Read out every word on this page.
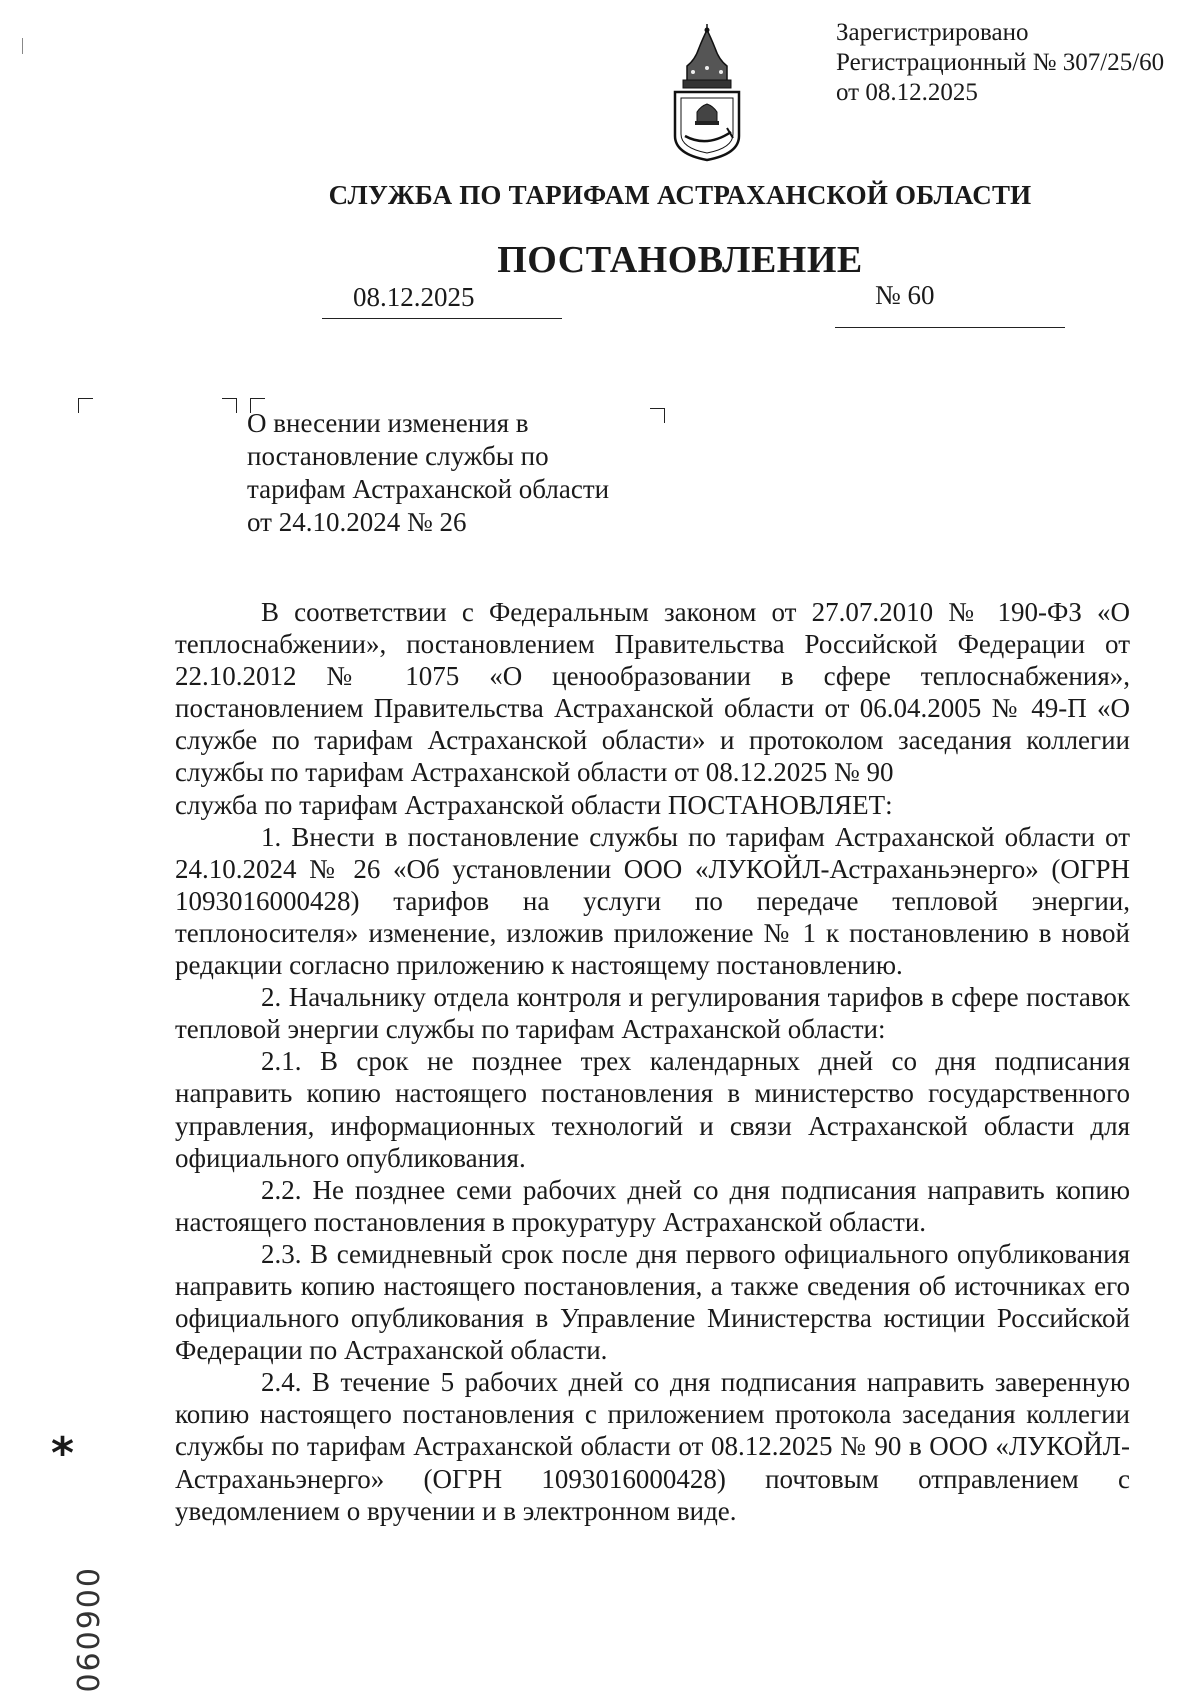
Зарегистрировано
Регистрационный № 307/25/60
от 08.12.2025
СЛУЖБА ПО ТАРИФАМ АСТРАХАНСКОЙ ОБЛАСТИ
ПОСТАНОВЛЕНИЕ
08.12.2025	№ 60
О внесении изменения в постановление службы по тарифам Астраханской области от 24.10.2024 № 26

В соответствии с Федеральным законом от 27.07.2010 № 190-ФЗ «О теплоснабжении», постановлением Правительства Российской Федерации от 22.10.2012 № 1075 «О ценообразовании в сфере теплоснабжения», постановлением Правительства Астраханской области от 06.04.2005 № 49-П «О службе по тарифам Астраханской области» и протоколом заседания коллегии службы по тарифам Астраханской области от 08.12.2025 № 90

служба по тарифам Астраханской области ПОСТАНОВЛЯЕТ:

1. Внести в постановление службы по тарифам Астраханской области от 24.10.2024 № 26 «Об установлении ООО «ЛУКОЙЛ-Астраханьэнерго» (ОГРН 1093016000428) тарифов на услуги по передаче тепловой энергии, теплоносителя» изменение, изложив приложение № 1 к постановлению в новой редакции согласно приложению к настоящему постановлению.

2. Начальнику отдела контроля и регулирования тарифов в сфере поставок тепловой энергии службы по тарифам Астраханской области:

2.1. В срок не позднее трех календарных дней со дня подписания направить копию настоящего постановления в министерство государственного управления, информационных технологий и связи Астраханской области для официального опубликования.

2.2. Не позднее семи рабочих дней со дня подписания направить копию настоящего постановления в прокуратуру Астраханской области.

2.3. В семидневный срок после дня первого официального опубликования направить копию настоящего постановления, а также сведения об источниках его официального опубликования в Управление Министерства юстиции Российской Федерации по Астраханской области.

2.4. В течение 5 рабочих дней со дня подписания направить заверенную копию настоящего постановления с приложением протокола заседания коллегии службы по тарифам Астраханской области от 08.12.2025 № 90 в ООО «ЛУКОЙЛ-Астраханьэнерго» (ОГРН 1093016000428) почтовым отправлением с уведомлением о вручении и в электронном виде.

*
006090
